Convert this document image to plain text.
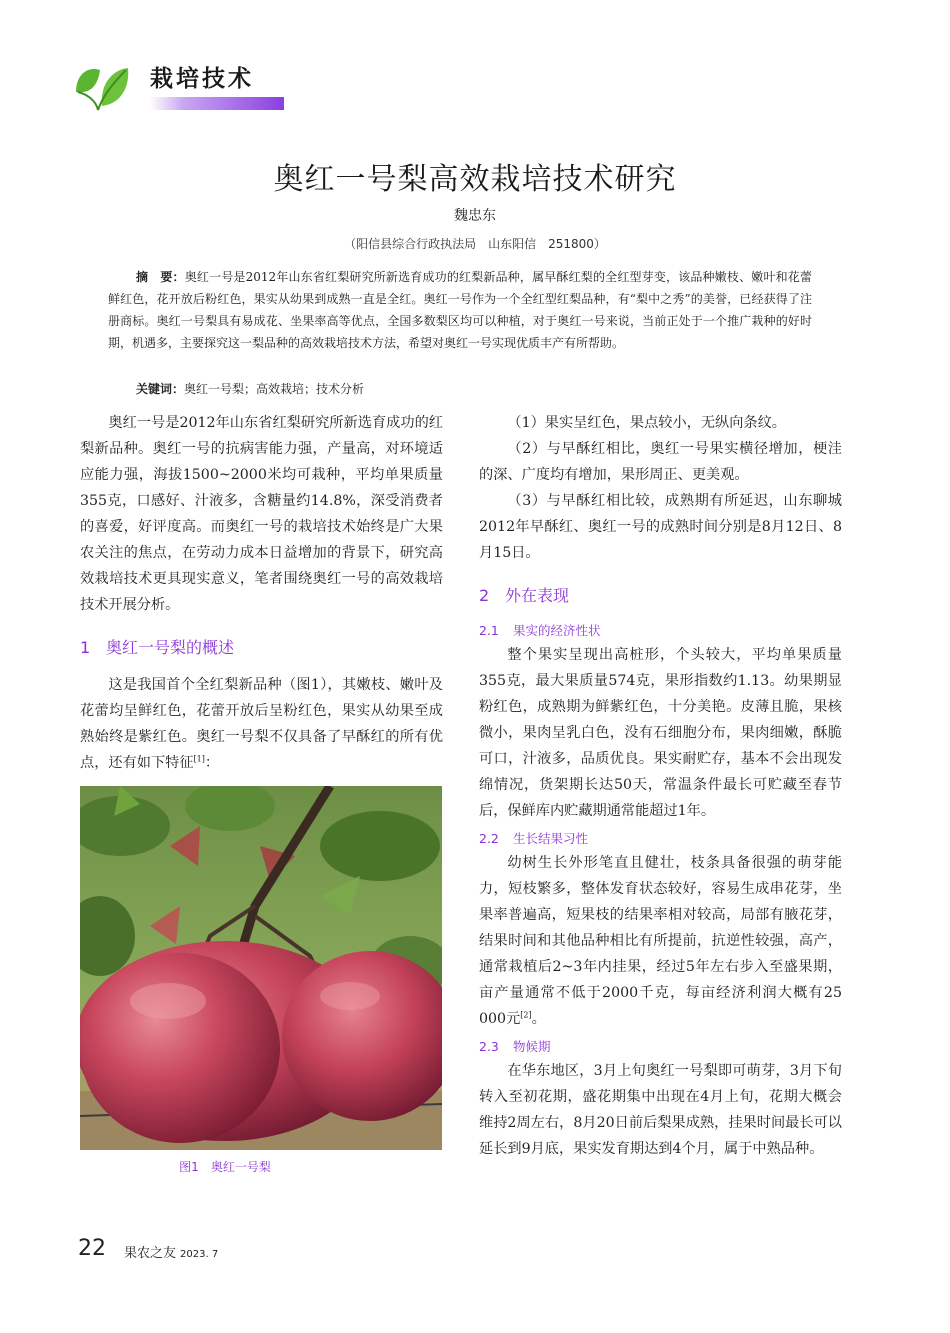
栽培技术
奥红一号梨高效栽培技术研究
魏忠东
（阳信县综合行政执法局　山东阳信　251800）
摘　要：奥红一号是2012年山东省红梨研究所新选育成功的红梨新品种，属早酥红梨的全红型芽变，该品种嫩枝、嫩叶和花蕾鲜红色，花开放后粉红色，果实从幼果到成熟一直是全红。奥红一号作为一个全红型红梨品种，有“梨中之秀”的美誉，已经获得了注册商标。奥红一号梨具有易成花、坐果率高等优点，全国多数梨区均可以种植，对于奥红一号来说，当前正处于一个推广栽种的好时期，机遇多，主要探究这一梨品种的高效栽培技术方法，希望对奥红一号实现优质丰产有所帮助。
关键词：奥红一号梨；高效栽培；技术分析

奥红一号是2012年山东省红梨研究所新选育成功的红梨新品种。奥红一号的抗病害能力强，产量高，对环境适应能力强，海拔1500~2000米均可栽种，平均单果质量355克，口感好、汁液多，含糖量约14.8%，深受消费者的喜爱，好评度高。而奥红一号的栽培技术始终是广大果农关注的焦点，在劳动力成本日益增加的背景下，研究高效栽培技术更具现实意义，笔者围绕奥红一号的高效栽培技术开展分析。

1 奥红一号梨的概述

这是我国首个全红梨新品种（图1），其嫩枝、嫩叶及花蕾均呈鲜红色，花蕾开放后呈粉红色，果实从幼果至成熟始终是紫红色。奥红一号梨不仅具备了早酥红的所有优点，还有如下特征[1]：

图1 奥红一号梨

（1）果实呈红色，果点较小，无纵向条纹。

（2）与早酥红相比，奥红一号果实横径增加，梗洼的深、广度均有增加，果形周正、更美观。

（3）与早酥红相比较，成熟期有所延迟，山东聊城2012年早酥红、奥红一号的成熟时间分别是8月12日、8月15日。

2 外在表现
2.1 果实的经济性状

整个果实呈现出高桩形，个头较大，平均单果质量355克，最大果质量574克，果形指数约1.13。幼果期显粉红色，成熟期为鲜紫红色，十分美艳。皮薄且脆，果核微小，果肉呈乳白色，没有石细胞分布，果肉细嫩，酥脆可口，汁液多，品质优良。果实耐贮存，基本不会出现发绵情况，货架期长达50天，常温条件最长可贮藏至春节后，保鲜库内贮藏期通常能超过1年。

2.2 生长结果习性

幼树生长外形笔直且健壮，枝条具备很强的萌芽能力，短枝繁多，整体发育状态较好，容易生成串花芽，坐果率普遍高，短果枝的结果率相对较高，局部有腋花芽，结果时间和其他品种相比有所提前，抗逆性较强，高产，通常栽植后2~3年内挂果，经过5年左右步入至盛果期，亩产量通常不低于2000千克，每亩经济利润大概有25 000元[2]。

2.3 物候期

在华东地区，3月上旬奥红一号梨即可萌芽，3月下旬转入至初花期，盛花期集中出现在4月上旬，花期大概会维持2周左右，8月20日前后梨果成熟，挂果时间最长可以延长到9月底，果实发育期达到4个月，属于中熟品种。

22 果农之友 2023. 7
